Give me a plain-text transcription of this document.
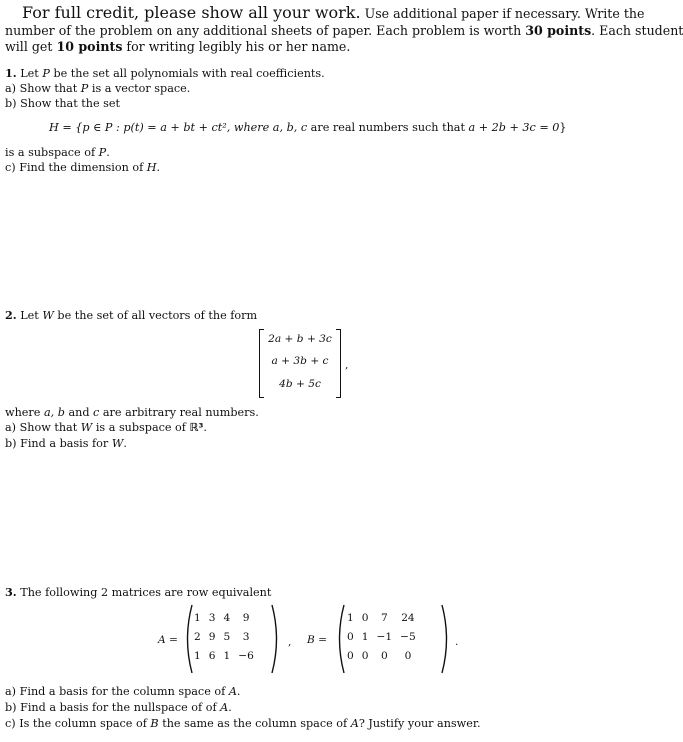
For full credit, please show all your work. Use additional paper if necessary. Write the
number of the problem on any additional sheets of paper. Each problem is worth 30 points. Each student
will get 10 points for writing legibly his or her name.
1. Let P be the set all polynomials with real coefficients.
a) Show that P is a vector space.
b) Show that the set
H = {p ∈ P : p(t) = a + bt + ct², where a, b, c are real numbers such that a + 2b + 3c = 0}
is a subspace of P.
c) Find the dimension of H.
2. Let W be the set of all vectors of the form
2a + b + 3c
a + 3b + c
4b + 5c
,
where a, b and c are arbitrary real numbers.
a) Show that W is a subspace of ℝ³.
b) Find a basis for W.
3. The following 2 matrices are row equivalent
A =
1	3	4	9
2	9	5	3
1	6	1	−6
, B =
1	0	7	24
0	1	−1	−5
0	0	0	0
.
a) Find a basis for the column space of A.
b) Find a basis for the nullspace of of A.
c) Is the column space of B the same as the column space of A? Justify your answer.
